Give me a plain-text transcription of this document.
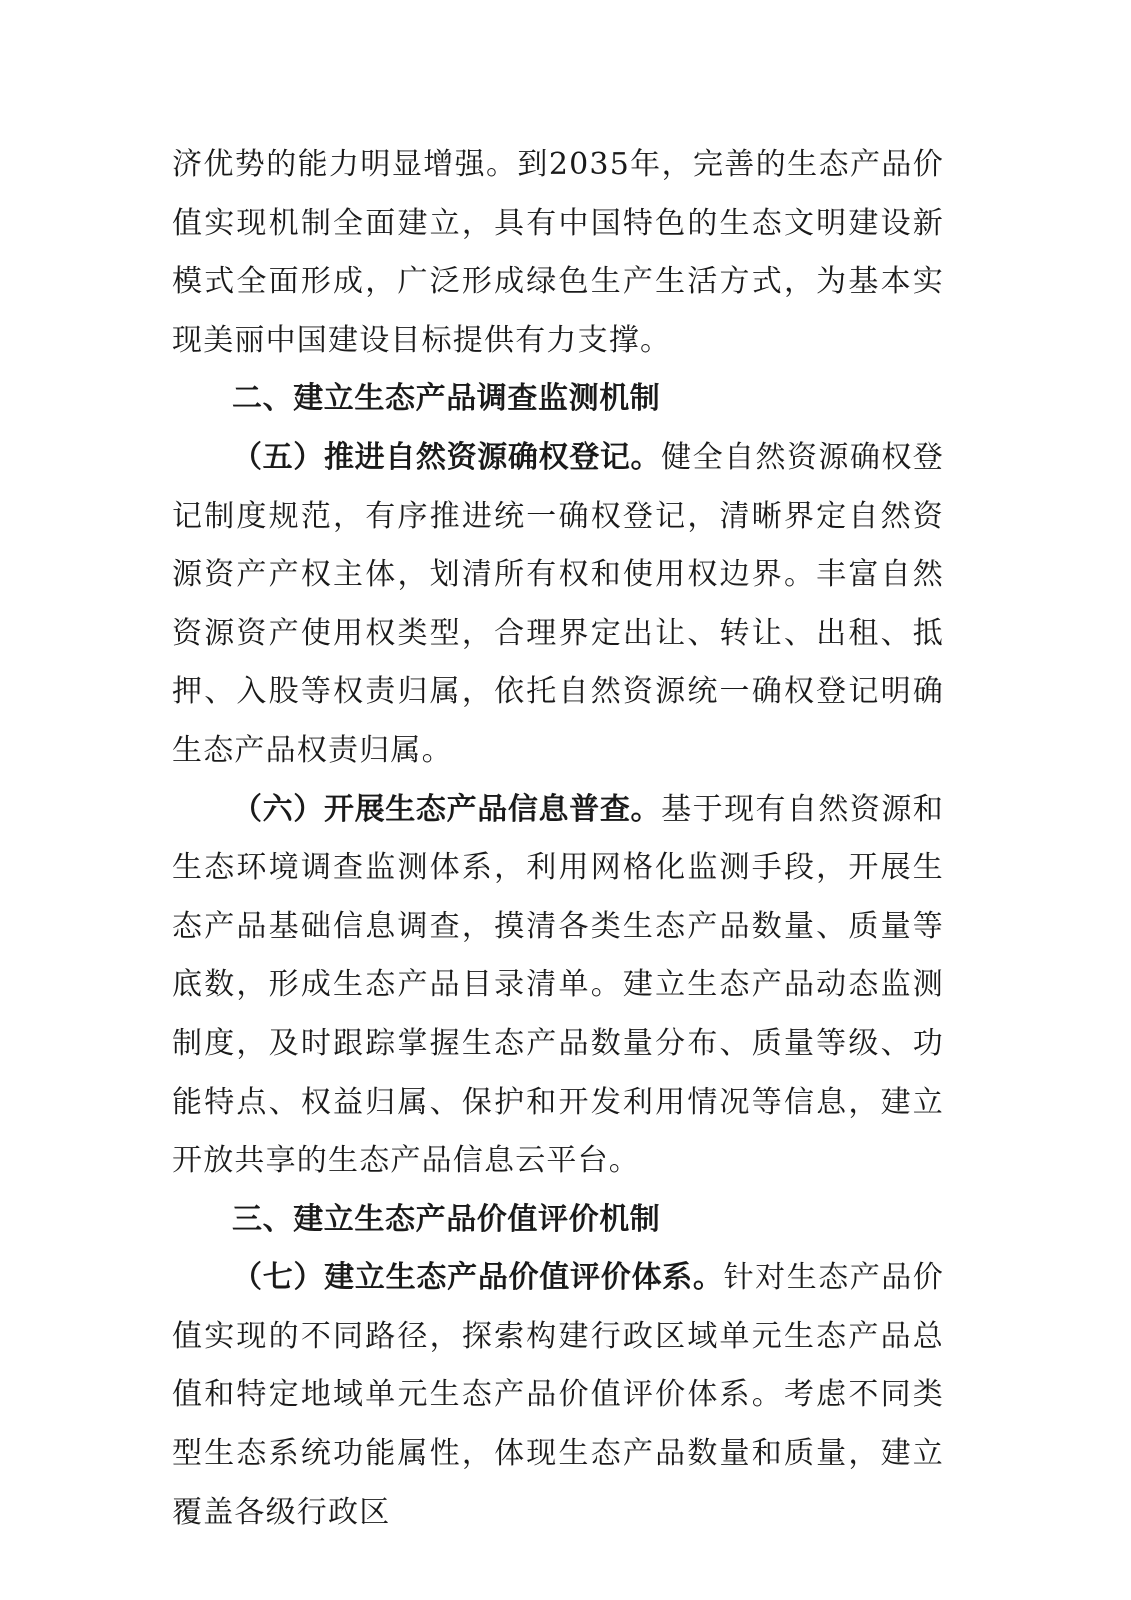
济优势的能力明显增强。到2035年，完善的生态产品价值实现机制全面建立，具有中国特色的生态文明建设新模式全面形成，广泛形成绿色生产生活方式，为基本实现美丽中国建设目标提供有力支撑。

二、建立生态产品调查监测机制

（五）推进自然资源确权登记。健全自然资源确权登记制度规范，有序推进统一确权登记，清晰界定自然资源资产产权主体，划清所有权和使用权边界。丰富自然资源资产使用权类型，合理界定出让、转让、出租、抵押、入股等权责归属，依托自然资源统一确权登记明确生态产品权责归属。

（六）开展生态产品信息普查。基于现有自然资源和生态环境调查监测体系，利用网格化监测手段，开展生态产品基础信息调查，摸清各类生态产品数量、质量等底数，形成生态产品目录清单。建立生态产品动态监测制度，及时跟踪掌握生态产品数量分布、质量等级、功能特点、权益归属、保护和开发利用情况等信息，建立开放共享的生态产品信息云平台。

三、建立生态产品价值评价机制

（七）建立生态产品价值评价体系。针对生态产品价值实现的不同路径，探索构建行政区域单元生态产品总值和特定地域单元生态产品价值评价体系。考虑不同类型生态系统功能属性，体现生态产品数量和质量，建立覆盖各级行政区
